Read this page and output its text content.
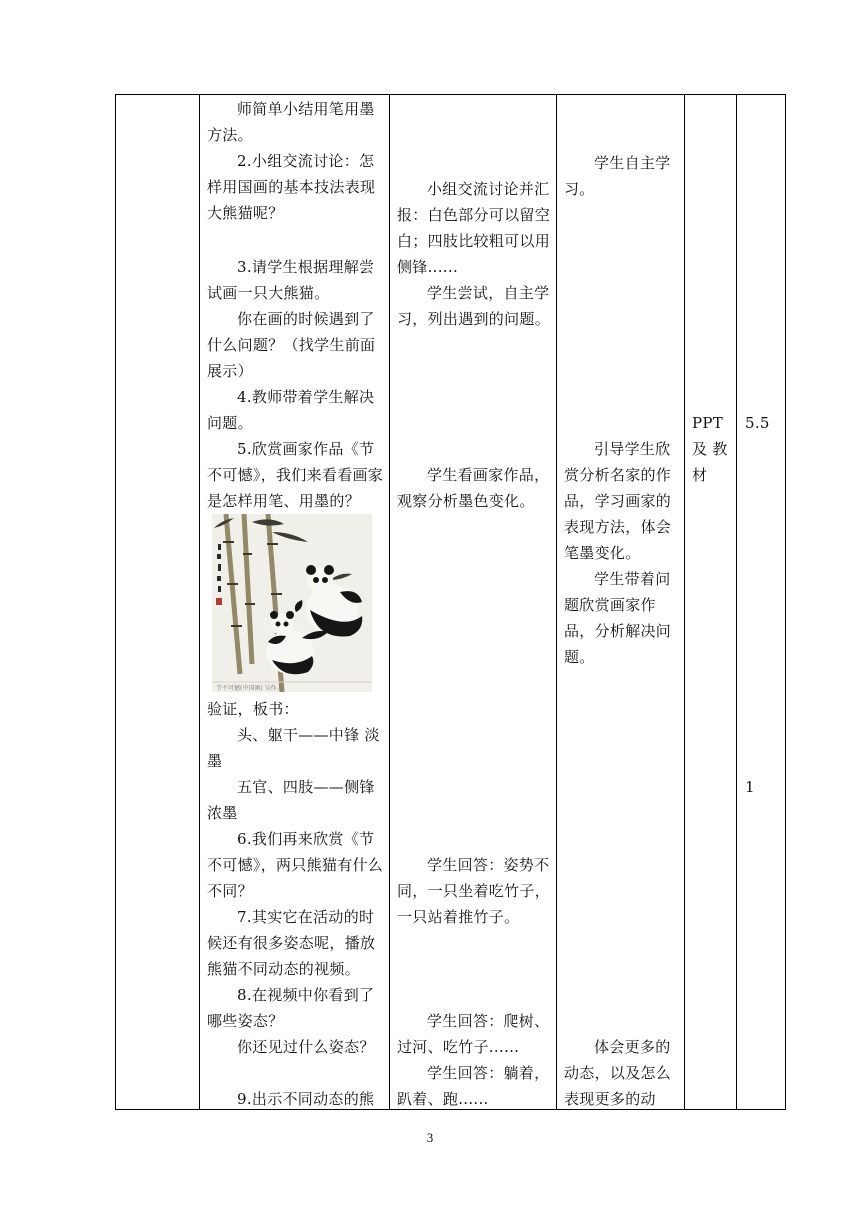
师简单小结用笔用墨

方法。

2.小组交流讨论：怎

样用国画的基本技法表现

大熊猫呢？

3.请学生根据理解尝

试画一只大熊猫。

你在画的时候遇到了

什么问题？（找学生前面

展示）

4.教师带着学生解决

问题。

5.欣赏画家作品《节

不可憾》，我们来看看画家

是怎样用笔、用墨的？

节不可憾(中国画) 吴作人

验证，板书：

头、躯干——中锋 淡

墨

五官、四肢——侧锋

浓墨

6.我们再来欣赏《节

不可憾》，两只熊猫有什么

不同？

7.其实它在活动的时

候还有很多姿态呢，播放

熊猫不同动态的视频。

8.在视频中你看到了

哪些姿态？

你还见过什么姿态？

9.出示不同动态的熊

小组交流讨论并汇

报：白色部分可以留空

白；四肢比较粗可以用

侧锋......

学生尝试，自主学

习，列出遇到的问题。

学生看画家作品，

观察分析墨色变化。

学生回答：姿势不

同，一只坐着吃竹子，

一只站着推竹子。

学生回答：爬树、

过河、吃竹子......

学生回答：躺着，

趴着、跑......

学生自主学

习。

引导学生欣

赏分析名家的作

品，学习画家的

表现方法，体会

笔墨变化。

学生带着问

题欣赏画家作

品，分析解决问

题。

体会更多的

动态，以及怎么

表现更多的动

PPT

及 教

材

5.5

1

3
